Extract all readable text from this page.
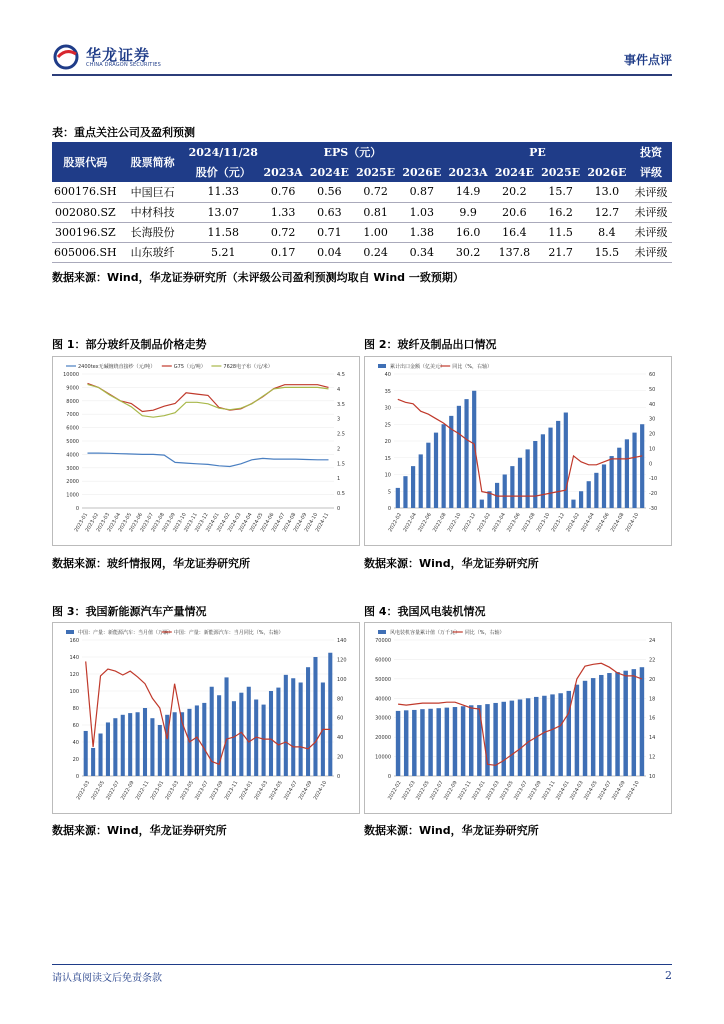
华龙证券
CHINA DRAGON SECURITIES	事件点评
表：重点关注公司及盈利预测
股票代码	股票简称	2024/11/28	EPS（元）				PE				投资
		股价（元）	2023A	2024E	2025E	2026E	2023A	2024E	2025E	2026E	评级
600176.SH	中国巨石	11.33	0.76	0.56	0.72	0.87	14.9	20.2	15.7	13.0	未评级
002080.SZ	中材科技	13.07	1.33	0.63	0.81	1.03	9.9	20.6	16.2	12.7	未评级
300196.SZ	长海股份	11.58	0.72	0.71	1.00	1.38	16.0	16.4	11.5	8.4	未评级
605006.SH	山东玻纤	5.21	0.17	0.04	0.24	0.34	30.2	137.8	21.7	15.5	未评级
数据来源：Wind，华龙证券研究所（未评级公司盈利预测均取自 Wind 一致预期）
图 1：部分玻纤及制品价格走势	图 2：玻纤及制品出口情况
10000
9000
8000
7000
6000
5000
4000
3000
2000
1000
0
4.5
4
3.5
3
2.5
2
1.5
1
0.5
0
2023-01
2023-02
2023-03
2023-04
2023-05
2023-06
2023-07
2023-08
2023-09
2023-10
2023-11
2023-12
2024-01
2024-02
2024-03
2024-04
2024-05
2024-06
2024-07
2024-08
2024-09
2024-10
2024-11
2400tex无碱缠绕直接纱（元/吨）	G75（元/吨）	7628电子布（元/米）
40
35
30
25
20
15
10
5
0
60
50
40
30
20
10
0
-10
-20
-30
2022-02 2022-04 2022-06 2022-08 2022-10 2022-12 2023-02 2023-04 2023-06 2023-08 2023-10 2023-12 2024-02 2024-04 2024-06 2024-08 2024-10
累计出口金额（亿美元） 同比（%，右轴）
数据来源：玻纤情报网，华龙证券研究所	数据来源：Wind，华龙证券研究所
图 3：我国新能源汽车产量情况	图 4：我国风电装机情况
160
140
120
100
80
60
40
20
0
140
120
100
80
60
40
20
0
2022-03 2022-05 2022-07 2022-09 2022-11 2023-01 2023-03 2023-05 2023-07 2023-09 2023-11 2024-01 2024-03 2024-05 2024-07 2024-09 2024-10
中国：产量：新能源汽车：当月值（万辆） 中国：产量：新能源汽车：当月同比（%，右轴）
70000
60000
50000
40000
30000
20000
10000
0
24
22
20
18
16
14
12
10
2022-02
2022-03
2022-05
2022-07
2022-09
2022-11
2023-01
2023-03
2023-05
2023-07
2023-09
2023-11
2024-01
2024-03
2024-05
2024-07
2024-09
2024-10
风电装机容量累计值（万千瓦） 同比（%，右轴）
数据来源：Wind，华龙证券研究所	数据来源：Wind，华龙证券研究所
请认真阅读文后免责条款	2
